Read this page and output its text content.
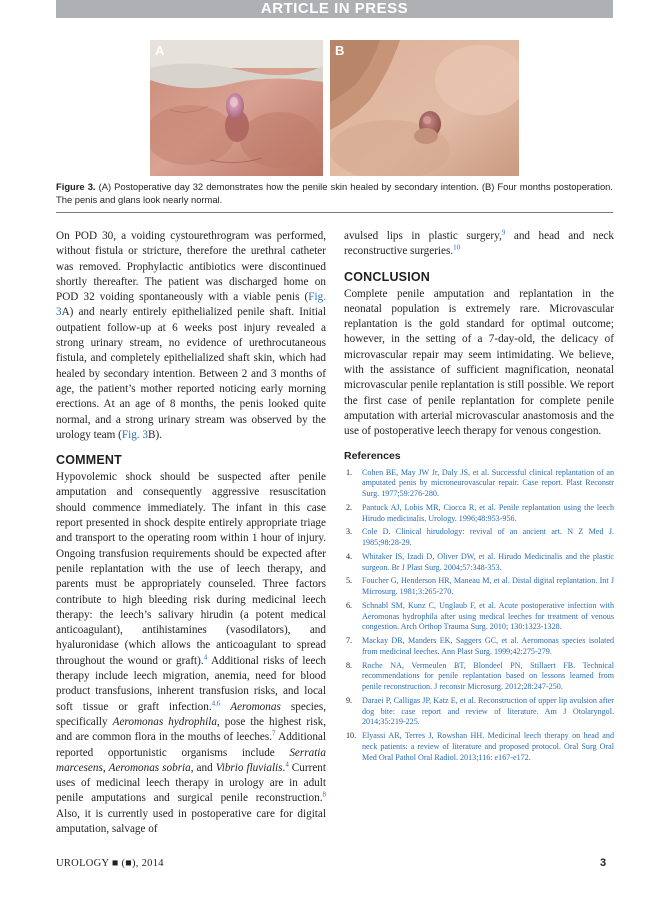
ARTICLE IN PRESS
A	B
Figure 3. (A) Postoperative day 32 demonstrates how the penile skin healed by secondary intention. (B) Four months postoperation. The penis and glans look nearly normal.

On POD 30, a voiding cystourethrogram was performed, without fistula or stricture, therefore the urethral catheter was removed. Prophylactic antibiotics were discontinued shortly thereafter. The patient was discharged home on POD 32 voiding spontaneously with a viable penis (Fig. 3A) and nearly entirely epithelialized penile shaft. Initial outpatient follow-up at 6 weeks post injury revealed a strong urinary stream, no evidence of urethrocutaneous fistula, and completely epithelialized shaft skin, which had healed by secondary intention. Between 2 and 3 months of age, the patient’s mother reported noticing early morning erections. At an age of 8 months, the penis looked quite normal, and a strong urinary stream was observed by the urology team (Fig. 3B).

COMMENT

Hypovolemic shock should be suspected after penile amputation and consequently aggressive resuscitation should commence immediately. The infant in this case report presented in shock despite entirely appropriate triage and transport to the operating room within 1 hour of injury. Ongoing transfusion requirements should be expected after penile replantation with the use of leech therapy, and parents must be appropriately counseled. Three factors contribute to high bleeding risk during medicinal leech therapy: the leech’s salivary hirudin (a potent medical anticoagulant), antihistamines (vasodilators), and hyaluronidase (which allows the anticoagulant to spread throughout the wound or graft).$^4$ Additional risks of leech therapy include leech migration, anemia, need for blood product transfusions, inherent transfusion risks, and local soft tissue or graft infection.$^{4,6}$ Aeromonas species, specifically Aeromonas hydrophila, pose the highest risk, and are common flora in the mouths of leeches.$^7$ Additional reported opportunistic organisms include Serratia marcesens, Aeromonas sobria, and Vibrio fluvialis.$^4$ Current uses of medicinal leech therapy in urology are in adult penile amputations and surgical penile reconstruction.$^8$ Also, it is currently used in postoperative care for digital amputation, salvage of

avulsed lips in plastic surgery,$^9$ and head and neck reconstructive surgeries.$^{10}$

CONCLUSION

Complete penile amputation and replantation in the neonatal population is extremely rare. Microvascular replantation is the gold standard for optimal outcome; however, in the setting of a 7-day-old, the delicacy of microvascular repair may seem intimidating. We believe, with the assistance of sufficient magnification, neonatal microvascular penile replantation is still possible. We report the first case of penile replantation for complete penile amputation with arterial microvascular anastomosis and the use of postoperative leech therapy for venous congestion.

References
1. Cohen BE, May JW Jr, Daly JS, et al. Successful clinical replantation of an amputated penis by microneurovascular repair. Case report. Plast Reconstr Surg. 1977;59:276-280.
2. Pantuck AJ, Lobis MR, Ciocca R, et al. Penile replantation using the leech Hirudo medicinalis. Urology. 1996;48:953-956.
3. Cole D. Clinical hirudology: revival of an ancient art. N Z Med J. 1985;98:28-29.
4. Whitaker IS, Izadi D, Oliver DW, et al. Hirudo Medicinalis and the plastic surgeon. Br J Plast Surg. 2004;57:348-353.
5. Foucher G, Henderson HR, Maneau M, et al. Distal digital replantation. Int J Microsurg. 1981;3:265-270.
6. Schnabl SM, Kunz C, Unglaub F, et al. Acute postoperative infection with Aeromonas hydrophila after using medical leeches for treatment of venous congestion. Arch Orthop Trauma Surg. 2010; 130:1323-1328.
7. Mackay DR, Manders EK, Saggers GC, et al. Aeromonas species isolated from medicinal leeches. Ann Plast Surg. 1999;42:275-279.
8. Roche NA, Vermeulen BT, Blondeel PN, Stillaert FB. Technical recommendations for penile replantation based on lessons learned from penile reconstruction. J reconstr Microsurg. 2012;28:247-250.
9. Daraei P, Calligas JP, Katz E, et al. Reconstruction of upper lip avulsion after dog bite: case report and review of literature. Am J Otolaryngol. 2014;35:219-225.
10. Elyassi AR, Terres J, Rowshan HH. Medicinal leech therapy on head and neck patients: a review of literature and proposed protocol. Oral Surg Oral Med Oral Pathol Oral Radiol. 2013;116: e167-e172.
UROLOGY ■ (■), 2014	3
